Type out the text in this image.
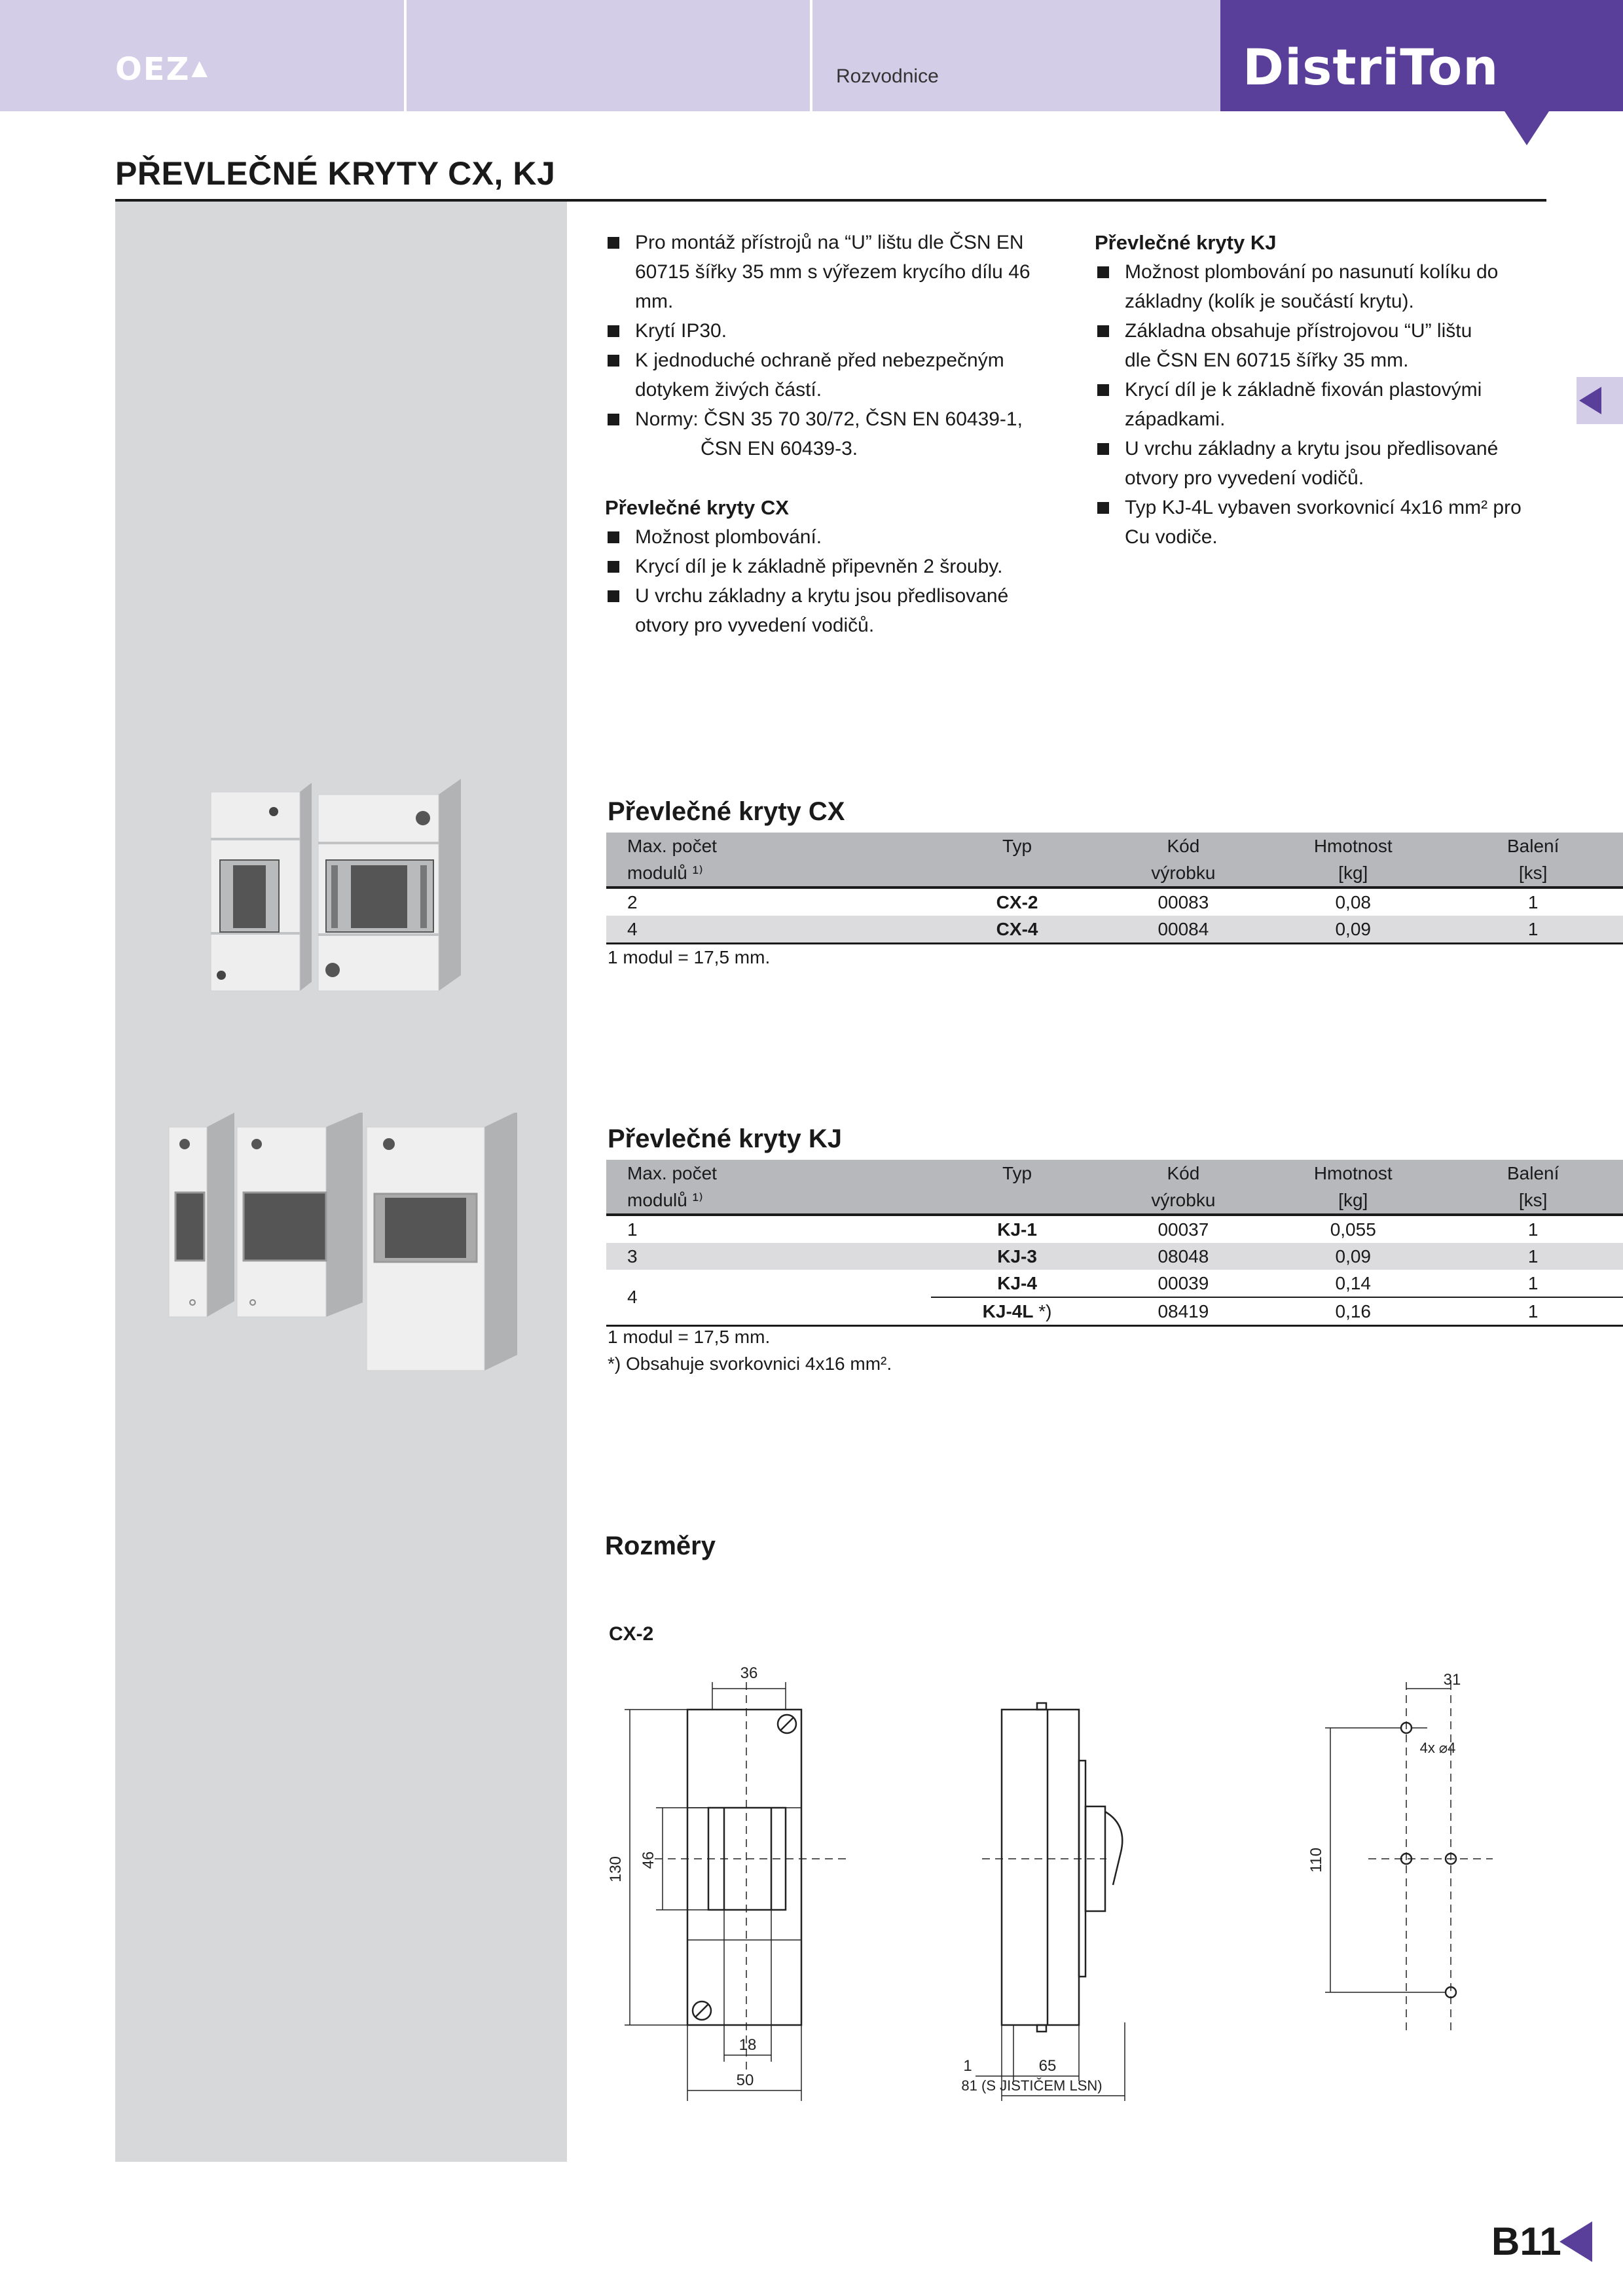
OEZ▲	Rozvodnice	DistriTon
PŘEVLEČNÉ KRYTY CX, KJ
Pro montáž přístrojů na “U” lištu dle ČSN EN 60715 šířky 35 mm s výřezem krycího dílu 46 mm.
Krytí IP30.
K jednoduché ochraně před nebezpečným dotykem živých částí.
Normy: ČSN 35 70 30/72, ČSN EN 60439-1,
ČSN EN 60439-3.
Převlečné kryty CX
Možnost plombování.
Krycí díl je k základně připevněn 2 šrouby.
U vrchu základny a krytu jsou předlisované otvory pro vyvedení vodičů.
Převlečné kryty KJ
Možnost plombování po nasunutí kolíku do základny (kolík je součástí krytu).
Základna obsahuje přístrojovou “U” lištu dle ČSN EN 60715 šířky 35 mm.
Krycí díl je k základně fixován plastovými západkami.
U vrchu základny a krytu jsou předlisované otvory pro vyvedení vodičů.
Typ KJ-4L vybaven svorkovnicí 4x16 mm² pro Cu vodiče.
Převlečné kryty CX
Max. počet	Typ	Kód	Hmotnost	Balení
modulů ¹⁾		výrobku	[kg]	[ks]
2	CX-2	00083	0,08	1
4	CX-4	00084	0,09	1
1 modul = 17,5 mm.
Převlečné kryty KJ
Max. počet	Typ	Kód	Hmotnost	Balení
modulů ¹⁾		výrobku	[kg]	[ks]
1	KJ-1	00037	0,055	1
3	KJ-3	08048	0,09	1
4	KJ-4	00039	0,14	1
	KJ-4L *)	08419	0,16	1
1 modul = 17,5 mm.
*) Obsahuje svorkovnici 4x16 mm².
Rozměry
CX-2
36
130 46
18
50
1	65
81 (S JISTIČEM LSN)
31
4x ⌀4
110
B11
